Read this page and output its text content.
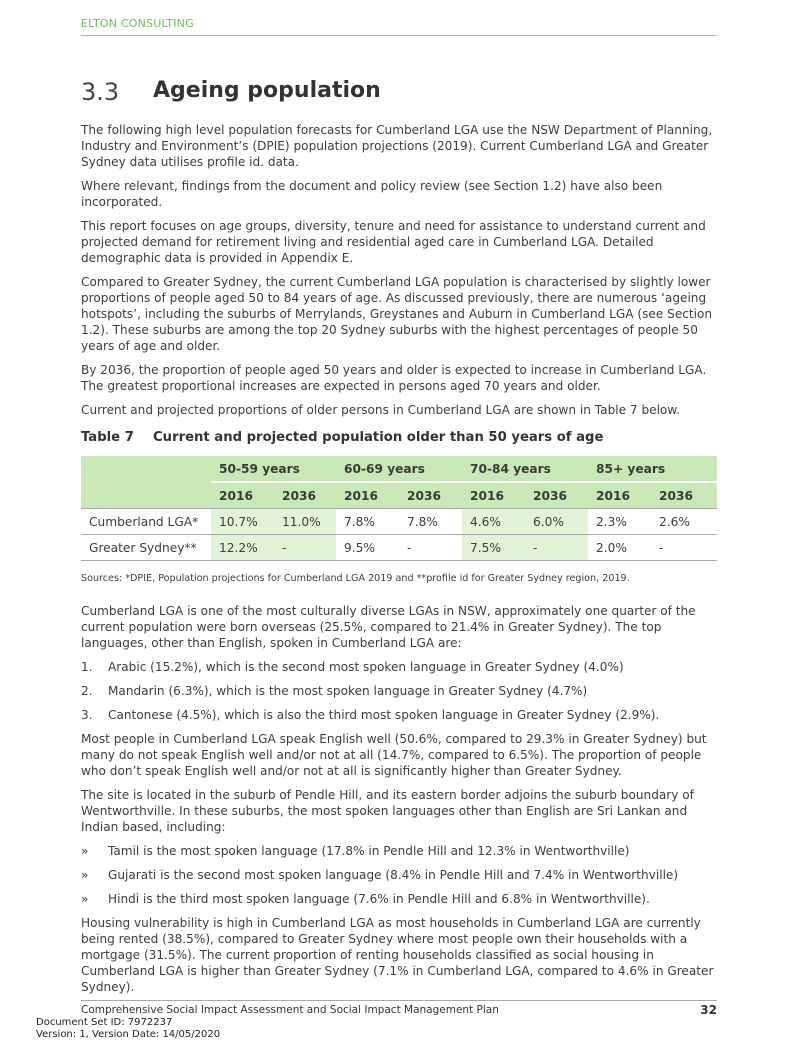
ELTON CONSULTING
3.3 Ageing population

The following high level population forecasts for Cumberland LGA use the NSW Department of Planning, Industry and Environment’s (DPIE) population projections (2019). Current Cumberland LGA and Greater Sydney data utilises profile id. data.

Where relevant, findings from the document and policy review (see Section 1.2) have also been incorporated.

This report focuses on age groups, diversity, tenure and need for assistance to understand current and projected demand for retirement living and residential aged care in Cumberland LGA. Detailed demographic data is provided in Appendix E.

Compared to Greater Sydney, the current Cumberland LGA population is characterised by slightly lower proportions of people aged 50 to 84 years of age. As discussed previously, there are numerous ‘ageing hotspots’, including the suburbs of Merrylands, Greystanes and Auburn in Cumberland LGA (see Section 1.2). These suburbs are among the top 20 Sydney suburbs with the highest percentages of people 50 years of age and older.

By 2036, the proportion of people aged 50 years and older is expected to increase in Cumberland LGA. The greatest proportional increases are expected in persons aged 70 years and older.

Current and projected proportions of older persons in Cumberland LGA are shown in Table 7 below.

Table 7 Current and projected population older than 50 years of age
	50-59 years		60-69 years		70-84 years		85+ years	
	2016	2036	2016	2036	2016	2036	2016	2036
Cumberland LGA*	10.7%	11.0%	7.8%	7.8%	4.6%	6.0%	2.3%	2.6%
Greater Sydney**	12.2%	-	9.5%	-	7.5%	-	2.0%	-
Sources: *DPIE, Population projections for Cumberland LGA 2019 and **profile id for Greater Sydney region, 2019.

Cumberland LGA is one of the most culturally diverse LGAs in NSW, approximately one quarter of the current population were born overseas (25.5%, compared to 21.4% in Greater Sydney). The top languages, other than English, spoken in Cumberland LGA are:

1. Arabic (15.2%), which is the second most spoken language in Greater Sydney (4.0%)
2. Mandarin (6.3%), which is the most spoken language in Greater Sydney (4.7%)
3. Cantonese (4.5%), which is also the third most spoken language in Greater Sydney (2.9%).

Most people in Cumberland LGA speak English well (50.6%, compared to 29.3% in Greater Sydney) but many do not speak English well and/or not at all (14.7%, compared to 6.5%). The proportion of people who don’t speak English well and/or not at all is significantly higher than Greater Sydney.

The site is located in the suburb of Pendle Hill, and its eastern border adjoins the suburb boundary of Wentworthville. In these suburbs, the most spoken languages other than English are Sri Lankan and Indian based, including:

» Tamil is the most spoken language (17.8% in Pendle Hill and 12.3% in Wentworthville)
» Gujarati is the second most spoken language (8.4% in Pendle Hill and 7.4% in Wentworthville)
» Hindi is the third most spoken language (7.6% in Pendle Hill and 6.8% in Wentworthville).

Housing vulnerability is high in Cumberland LGA as most households in Cumberland LGA are currently being rented (38.5%), compared to Greater Sydney where most people own their households with a mortgage (31.5%). The current proportion of renting households classified as social housing in Cumberland LGA is higher than Greater Sydney (7.1% in Cumberland LGA, compared to 4.6% in Greater Sydney).

Comprehensive Social Impact Assessment and Social Impact Management Plan	32
Document Set ID: 7972237
Version: 1, Version Date: 14/05/2020
